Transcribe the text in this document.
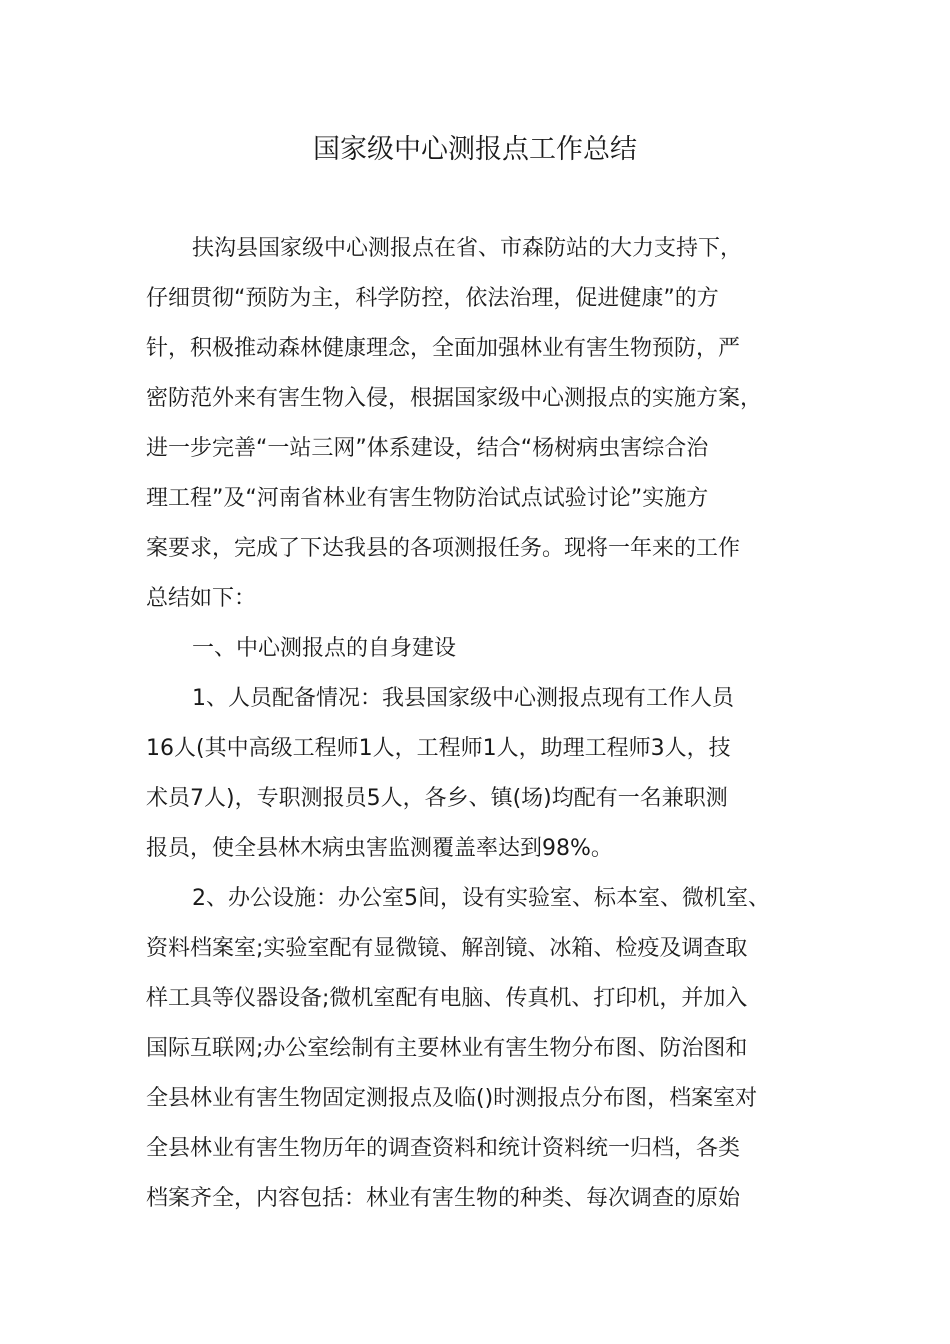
国家级中心测报点工作总结
扶沟县国家级中心测报点在省、市森防站的大力支持下，
仔细贯彻“预防为主，科学防控，依法治理，促进健康”的方
针，积极推动森林健康理念，全面加强林业有害生物预防，严
密防范外来有害生物入侵，根据国家级中心测报点的实施方案，
进一步完善“一站三网”体系建设，结合“杨树病虫害综合治
理工程”及“河南省林业有害生物防治试点试验讨论”实施方
案要求，完成了下达我县的各项测报任务。现将一年来的工作
总结如下：
一、中心测报点的自身建设
1、人员配备情况：我县国家级中心测报点现有工作人员
16人(其中高级工程师1人，工程师1人，助理工程师3人，技
术员7人)，专职测报员5人，各乡、镇(场)均配有一名兼职测
报员，使全县林木病虫害监测覆盖率达到98%。
2、办公设施：办公室5间，设有实验室、标本室、微机室、
资料档案室;实验室配有显微镜、解剖镜、冰箱、检疫及调查取
样工具等仪器设备;微机室配有电脑、传真机、打印机，并加入
国际互联网;办公室绘制有主要林业有害生物分布图、防治图和
全县林业有害生物固定测报点及临()时测报点分布图，档案室对
全县林业有害生物历年的调查资料和统计资料统一归档，各类
档案齐全，内容包括：林业有害生物的种类、每次调查的原始
